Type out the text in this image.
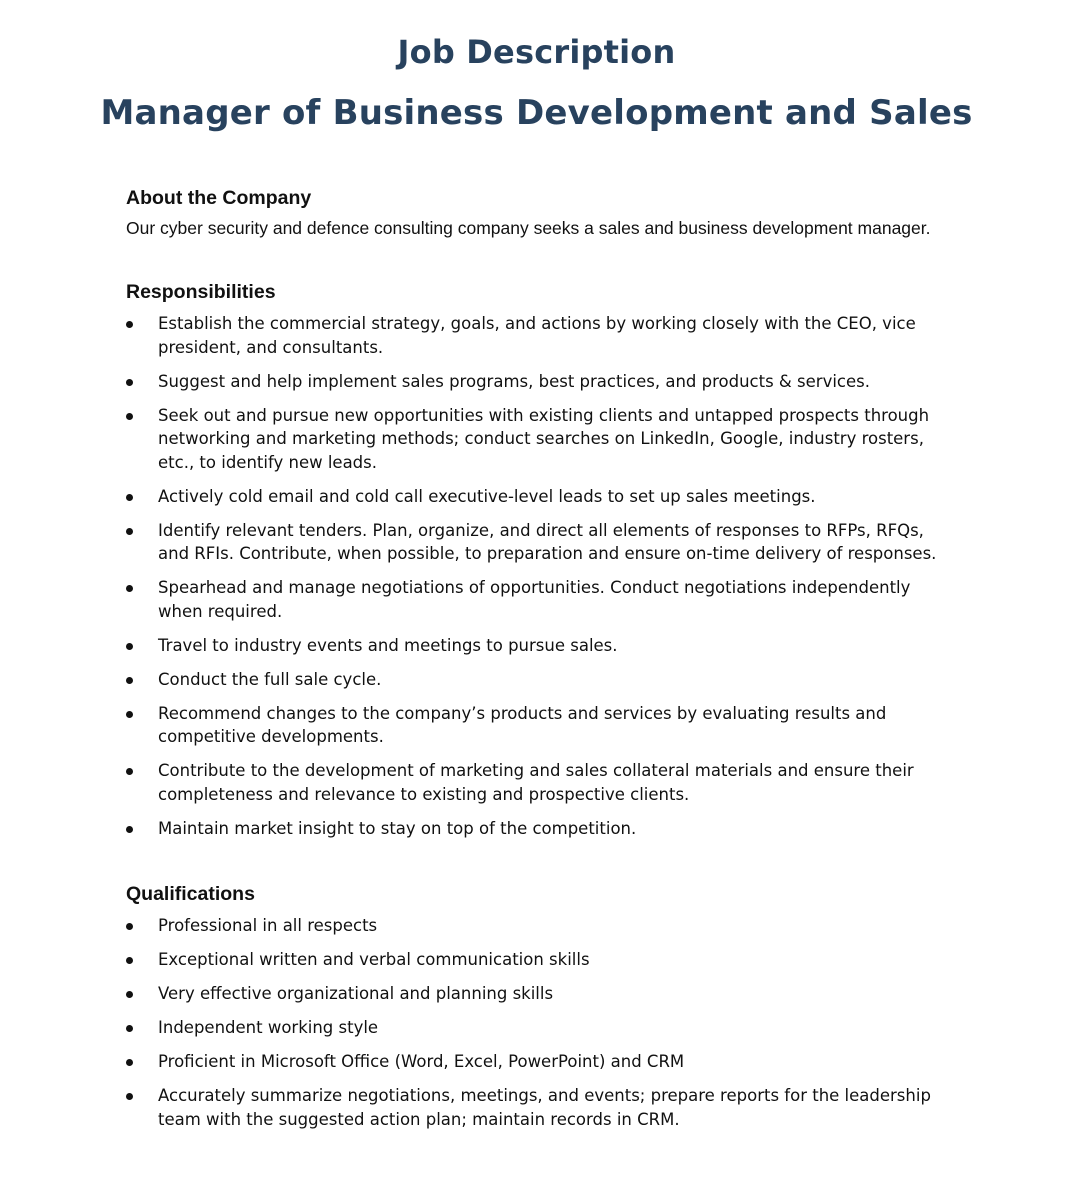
Job Description
Manager of Business Development and Sales
About the Company

Our cyber security and defence consulting company seeks a sales and business development manager.

Responsibilities
Establish the commercial strategy, goals, and actions by working closely with the CEO, vice president, and consultants.
Suggest and help implement sales programs, best practices, and products & services.
Seek out and pursue new opportunities with existing clients and untapped prospects through networking and marketing methods; conduct searches on LinkedIn, Google, industry rosters, etc., to identify new leads.
Actively cold email and cold call executive-level leads to set up sales meetings.
Identify relevant tenders. Plan, organize, and direct all elements of responses to RFPs, RFQs, and RFIs. Contribute, when possible, to preparation and ensure on-time delivery of responses.
Spearhead and manage negotiations of opportunities. Conduct negotiations independently when required.
Travel to industry events and meetings to pursue sales.
Conduct the full sale cycle.
Recommend changes to the company’s products and services by evaluating results and competitive developments.
Contribute to the development of marketing and sales collateral materials and ensure their completeness and relevance to existing and prospective clients.
Maintain market insight to stay on top of the competition.
Qualifications
Professional in all respects
Exceptional written and verbal communication skills
Very effective organizational and planning skills
Independent working style
Proficient in Microsoft Office (Word, Excel, PowerPoint) and CRM
Accurately summarize negotiations, meetings, and events; prepare reports for the leadership team with the suggested action plan; maintain records in CRM.
